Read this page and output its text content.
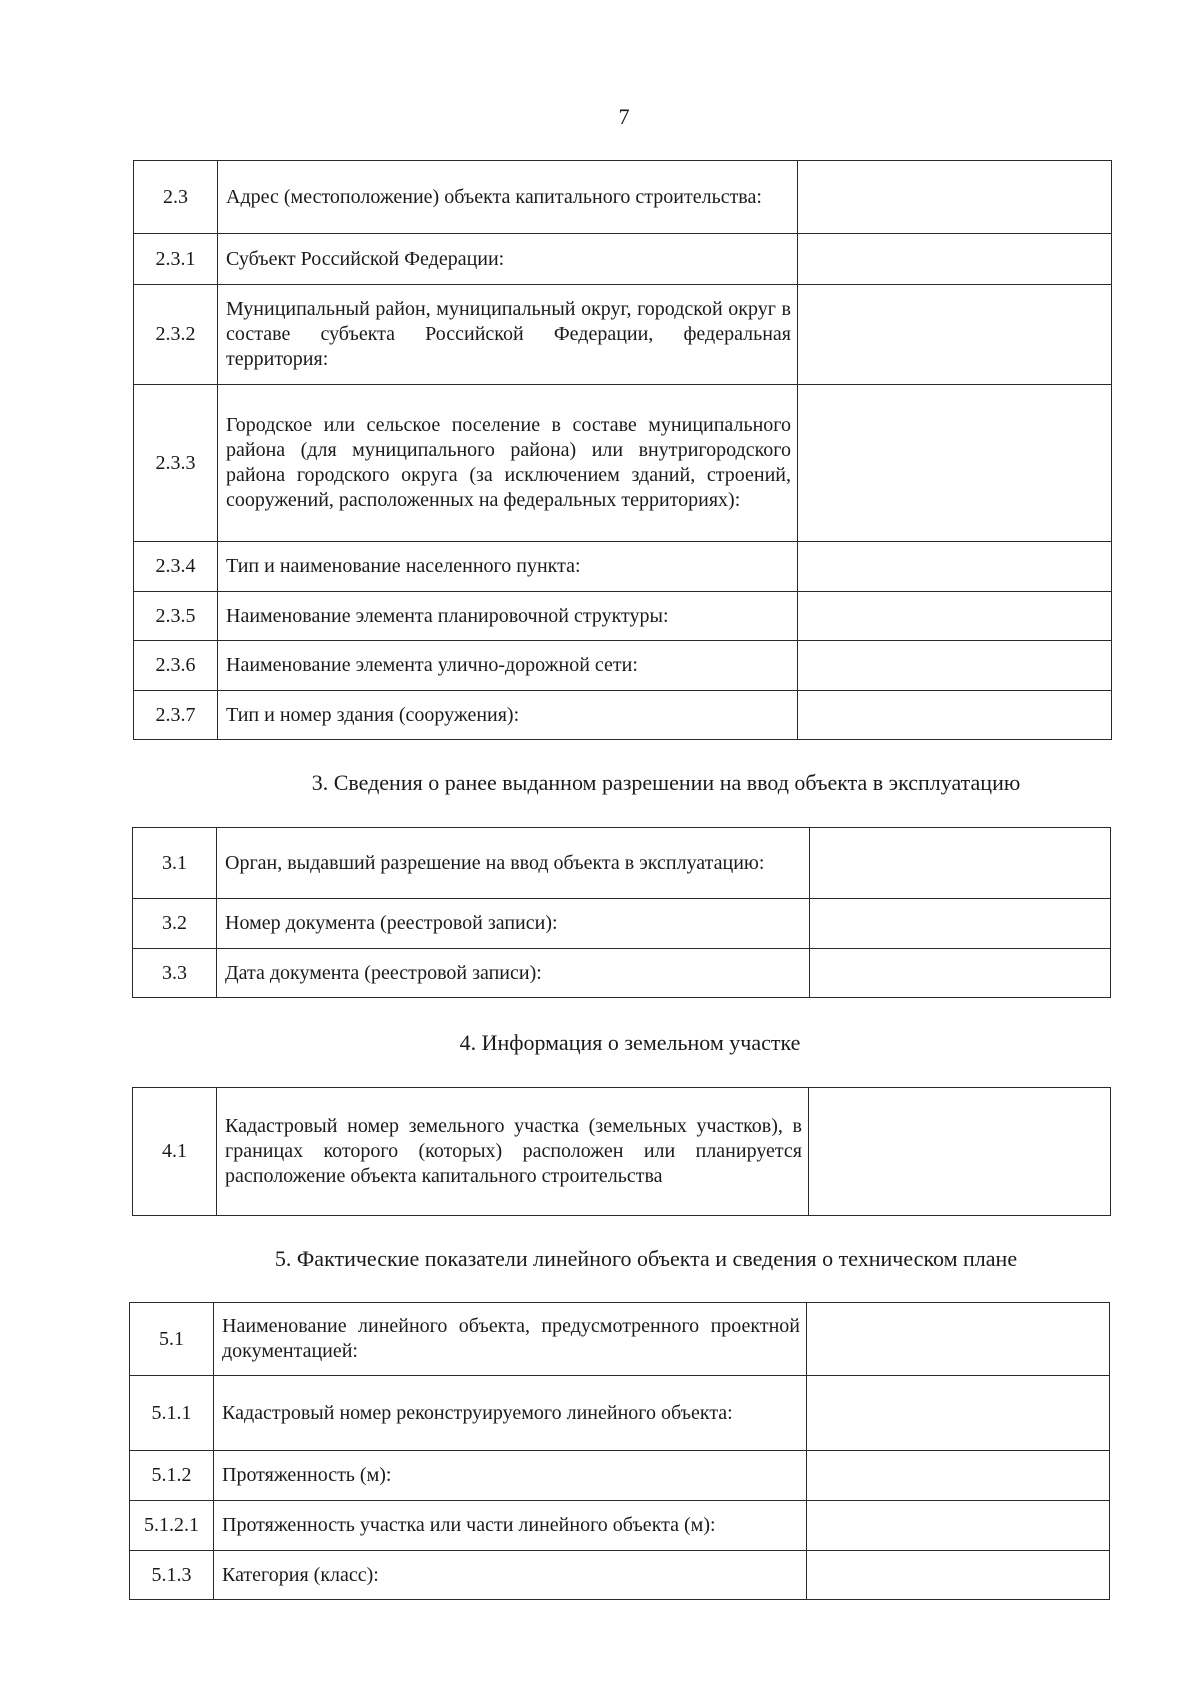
7
2.3	Адрес (местоположение) объекта капитального строительства:	
2.3.1	Субъект Российской Федерации:	
2.3.2	Муниципальный район, муниципальный округ, городской округ в составе субъекта Российской Федерации, федеральная территория:	
2.3.3	Городское или сельское поселение в составе муниципального района (для муниципального района) или внутригородского района городского округа (за исключением зданий, строений, сооружений, расположенных на федеральных территориях):	
2.3.4	Тип и наименование населенного пункта:	
2.3.5	Наименование элемента планировочной структуры:	
2.3.6	Наименование элемента улично-дорожной сети:	
2.3.7	Тип и номер здания (сооружения):	
3. Сведения о ранее выданном разрешении на ввод объекта в эксплуатацию
3.1	Орган, выдавший разрешение на ввод объекта в эксплуатацию:	
3.2	Номер документа (реестровой записи):	
3.3	Дата документа (реестровой записи):	
4. Информация о земельном участке
4.1	Кадастровый номер земельного участка (земельных участков), в границах которого (которых) расположен или планируется расположение объекта капитального строительства	
5. Фактические показатели линейного объекта и сведения о техническом плане
5.1	Наименование линейного объекта, предусмотренного проектной документацией:	
5.1.1	Кадастровый номер реконструируемого линейного объекта:	
5.1.2	Протяженность (м):	
5.1.2.1	Протяженность участка или части линейного объекта (м):	
5.1.3	Категория (класс):	
